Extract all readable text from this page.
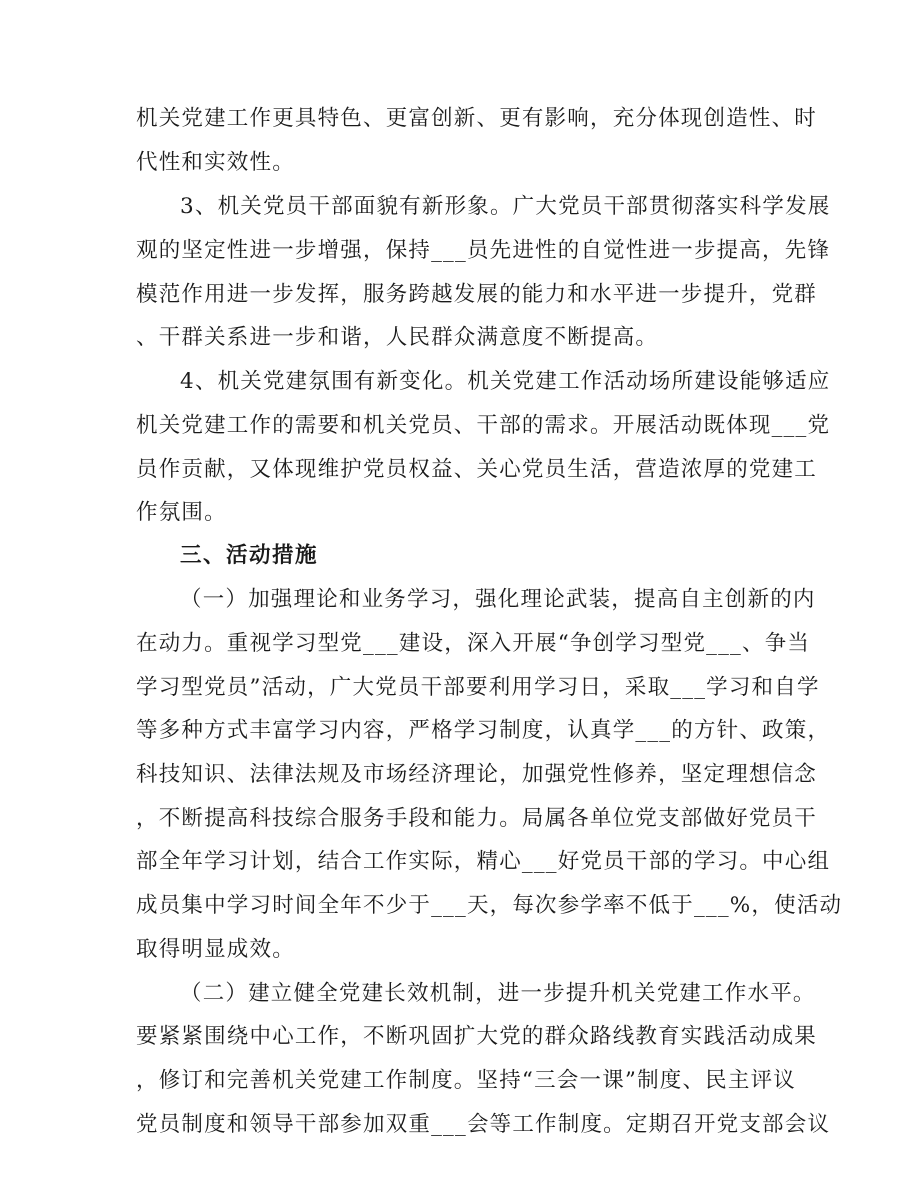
机关党建工作更具特色、更富创新、更有影响，充分体现创造性、时
代性和实效性。
3、机关党员干部面貌有新形象。广大党员干部贯彻落实科学发展
观的坚定性进一步增强，保持___员先进性的自觉性进一步提高，先锋
模范作用进一步发挥，服务跨越发展的能力和水平进一步提升，党群
、干群关系进一步和谐，人民群众满意度不断提高。
4、机关党建氛围有新变化。机关党建工作活动场所建设能够适应
机关党建工作的需要和机关党员、干部的需求。开展活动既体现___党
员作贡献，又体现维护党员权益、关心党员生活，营造浓厚的党建工
作氛围。
三、活动措施
（一）加强理论和业务学习，强化理论武装，提高自主创新的内
在动力。重视学习型党___建设，深入开展“争创学习型党___、争当
学习型党员”活动，广大党员干部要利用学习日，采取___学习和自学
等多种方式丰富学习内容，严格学习制度，认真学___的方针、政策，
科技知识、法律法规及市场经济理论，加强党性修养，坚定理想信念
，不断提高科技综合服务手段和能力。局属各单位党支部做好党员干
部全年学习计划，结合工作实际，精心___好党员干部的学习。中心组
成员集中学习时间全年不少于___天，每次参学率不低于___%，使活动
取得明显成效。
（二）建立健全党建长效机制，进一步提升机关党建工作水平。
要紧紧围绕中心工作，不断巩固扩大党的群众路线教育实践活动成果
，修订和完善机关党建工作制度。坚持“三会一课”制度、民主评议
党员制度和领导干部参加双重___会等工作制度。定期召开党支部会议
